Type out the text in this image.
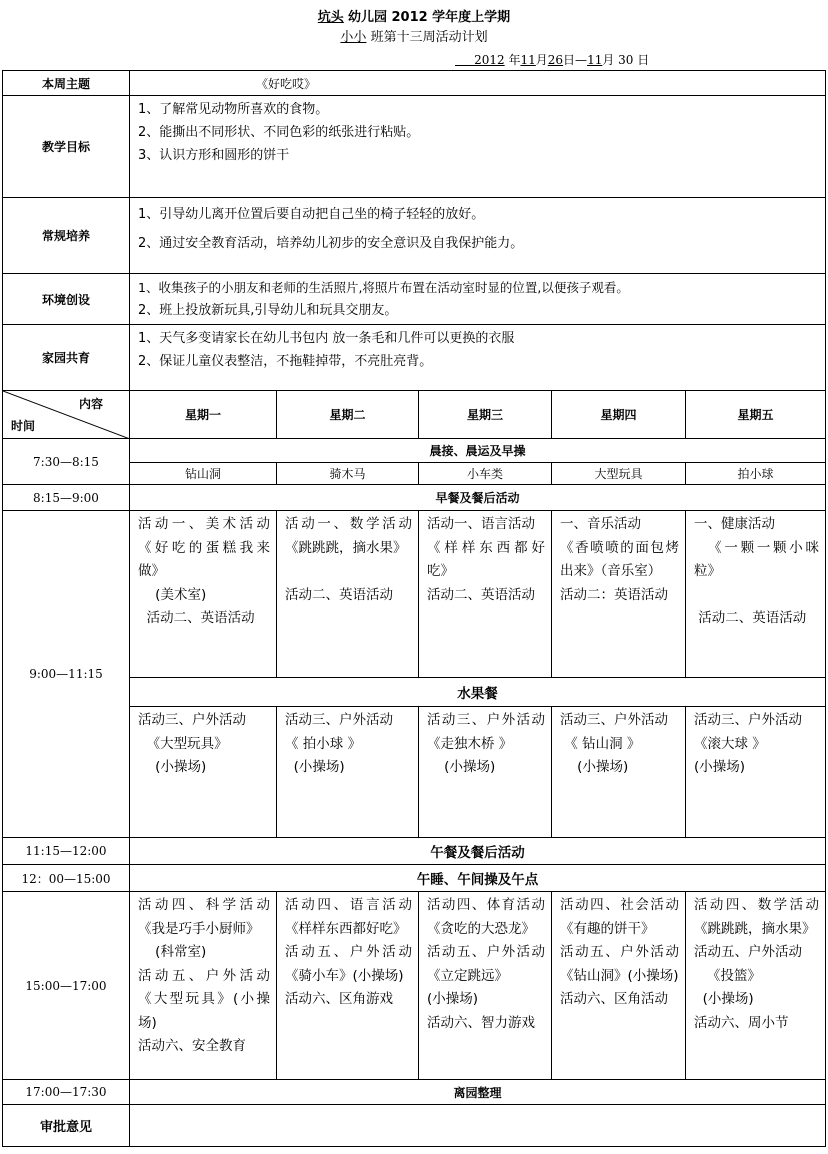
坑头 幼儿园 2012 学年度上学期
小小 班第十三周活动计划
2012 年11月26日—11月 30 日
本周主题	《好吃哎》				
教学目标	1、了解常见动物所喜欢的食物。
2、能撕出不同形状、不同色彩的纸张进行粘贴。
3、认识方形和圆形的饼干				

常规培养	1、引导幼儿离开位置后要自动把自己坐的椅子轻轻的放好。
2、通过安全教育活动，培养幼儿初步的安全意识及自我保护能力。				

环境创设	1、收集孩子的小朋友和老师的生活照片,将照片布置在活动室时显的位置,以便孩子观看。
2、班上投放新玩具,引导幼儿和玩具交朋友。				

家园共育	1、天气多变请家长在幼儿书包内 放一条毛和几件可以更换的衣服
2、保证儿童仪表整洁，不拖鞋掉带，不亮肚亮背。				

内容
时间	星期一	星期二	星期三	星期四	星期五
7:30—8:15	晨接、晨运及早操				
	钻山洞	骑木马	小车类	大型玩具	拍小球
8:15—9:00	早餐及餐后活动				
9:00—11:15	活动一、美术活动《好吃的蛋糕我来做》
(美术室)
活动二、英语活动	活动一、数学活动《跳跳跳，摘水果》

活动二、英语活动	活动一、语言活动
《样样东西都好吃》
活动二、英语活动	一、音乐活动
《香喷喷的面包烤出来》（音乐室）
活动二：英语活动	一、健康活动
《一颗一颗小咪粒》

活动二、英语活动

	水果餐				

	活动三、户外活动
《大型玩具》
(小操场)	活动三、户外活动
《 拍小球 》
(小操场)	活动三、户外活动《走独木桥 》
(小操场)	活动三、户外活动
《 钻山洞 》
(小操场)	活动三、户外活动
《滚大球 》
(小操场)

11:15—12:00	午餐及餐后活动				
12：00—15:00	午睡、午间操及午点				
15:00—17:00	活动四、科学活动《我是巧手小厨师》
(科常室)
活动五、户外活动《大型玩具》(小操场)
活动六、安全教育	活动四、语言活动《样样东西都好吃》
活动五、户外活动《骑小车》(小操场)
活动六、区角游戏	活动四、体育活动《贪吃的大恐龙》
活动五、户外活动《立定跳远》
(小操场)
活动六、智力游戏	活动四、社会活动《有趣的饼干》
活动五、户外活动《钻山洞》(小操场)
活动六、区角活动	活动四、数学活动《跳跳跳，摘水果》
活动五、户外活动
《投篮》
(小操场)
活动六、周小节

17:00—17:30	离园整理				
审批意见					
